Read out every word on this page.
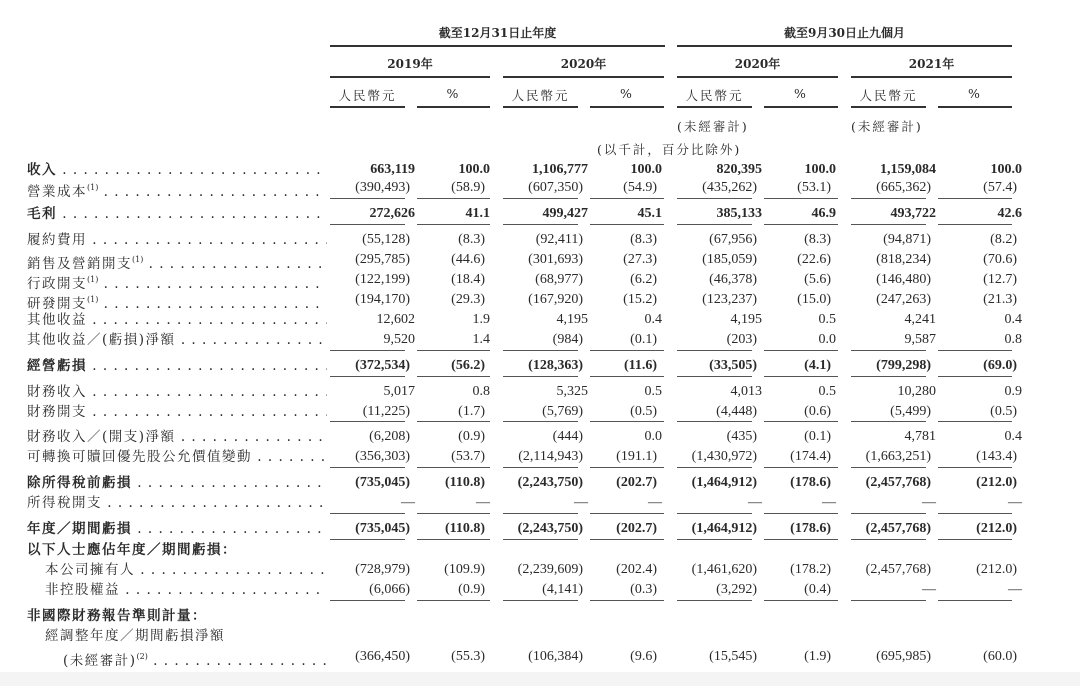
截至12月31日止年度	截至9月30日止九個月
2019年	2020年	2020年	2021年
人民幣元	%	人民幣元	%	人民幣元	%	人民幣元	%
(未經審計)	(未經審計)
(以千計，百分比除外)
收入 . . .	663,119	100.0	1,106,777	100.0	820,395	100.0	1,159,084	100.0
營業成本$^{(1)}$ . . .	(390,493)	(58.9)	(607,350)	(54.9)	(435,262)	(53.1)	(665,362)	(57.4)
毛利 . . .	272,626	41.1	499,427	45.1	385,133	46.9	493,722	42.6
履約費用 . . .	(55,128)	(8.3)	(92,411)	(8.3)	(67,956)	(8.3)	(94,871)	(8.2)
銷售及營銷開支$^{(1)}$ . . .	(295,785)	(44.6)	(301,693)	(27.3)	(185,059)	(22.6)	(818,234)	(70.6)
行政開支$^{(1)}$ . . .	(122,199)	(18.4)	(68,977)	(6.2)	(46,378)	(5.6)	(146,480)	(12.7)
研發開支$^{(1)}$ . . .	(194,170)	(29.3)	(167,920)	(15.2)	(123,237)	(15.0)	(247,263)	(21.3)
其他收益 . . .	12,602	1.9	4,195	0.4	4,195	0.5	4,241	0.4
其他收益／(虧損)淨額 . . .	9,520	1.4	(984)	(0.1)	(203)	0.0	9,587	0.8
經營虧損 . . .	(372,534)	(56.2)	(128,363)	(11.6)	(33,505)	(4.1)	(799,298)	(69.0)
財務收入 . . .	5,017	0.8	5,325	0.5	4,013	0.5	10,280	0.9
財務開支 . . .	(11,225)	(1.7)	(5,769)	(0.5)	(4,448)	(0.6)	(5,499)	(0.5)
財務收入／(開支)淨額 . . .	(6,208)	(0.9)	(444)	0.0	(435)	(0.1)	4,781	0.4
可轉換可贖回優先股公允價值變動 . . .	(356,303)	(53.7) (2,114,943) (191.1) (1,430,972) (174.4) (1,663,251)	(143.4)
除所得稅前虧損 . . .	(735,045) (110.8) (2,243,750) (202.7) (1,464,912) (178.6) (2,457,768)	(212.0)
所得稅開支 . . .	—	—	—	—	—	—	—	—
年度／期間虧損 . . .	(735,045) (110.8) (2,243,750) (202.7) (1,464,912) (178.6) (2,457,768)	(212.0)
以下人士應佔年度／期間虧損：
本公司擁有人 . . .	(728,979) (109.9) (2,239,609) (202.4) (1,461,620) (178.2) (2,457,768)	(212.0)
非控股權益 . . .	(6,066)	(0.9)	(4,141)	(0.3)	(3,292)	(0.4)	—	—
非國際財務報告準則計量：
經調整年度／期間虧損淨額
(未經審計)$^{(2)}$ . . .	(366,450)	(55.3)	(106,384)	(9.6)	(15,545)	(1.9)	(695,985)	(60.0)
